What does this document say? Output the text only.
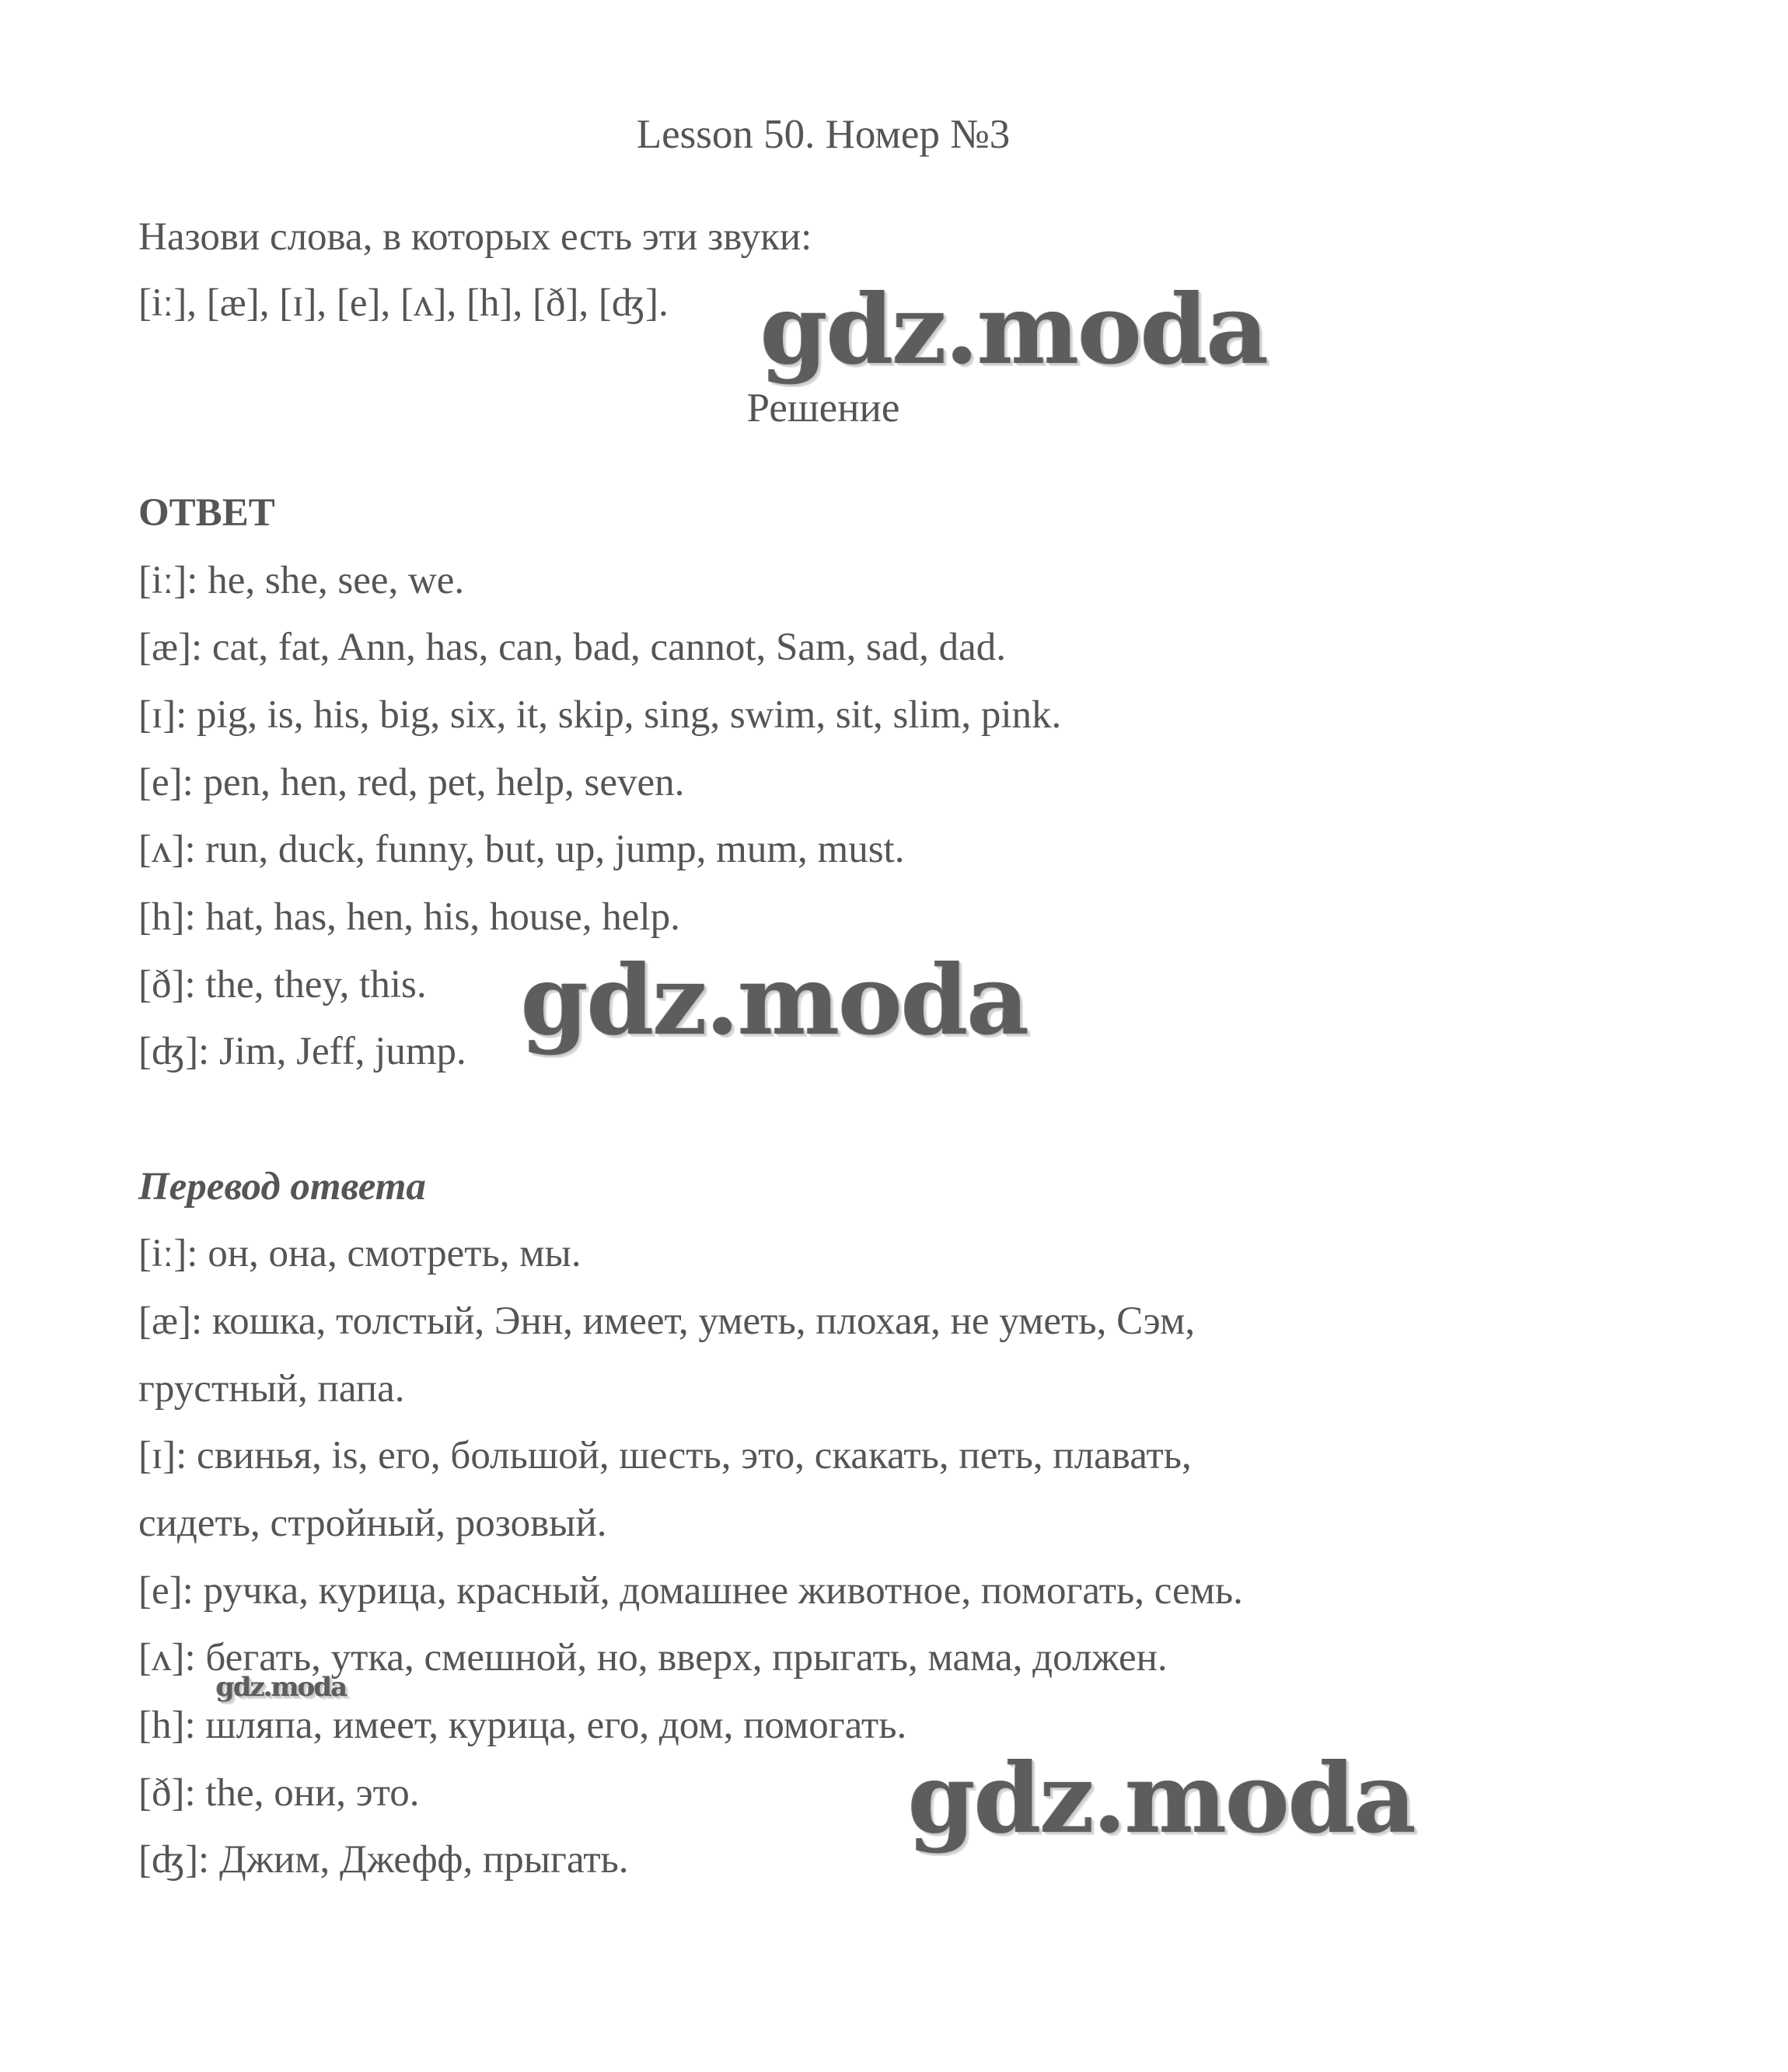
Lesson 50. Номер №3
Назови слова, в которых есть эти звуки:
[iː], [æ], [ɪ], [e], [ʌ], [h], [ð], [ʤ].
Решение
ОТВЕТ
[iː]: he, she, see, we.
[æ]: cat, fat, Ann, has, can, bad, cannot, Sam, sad, dad.
[ɪ]: pig, is, his, big, six, it, skip, sing, swim, sit, slim, pink.
[e]: pen, hen, red, pet, help, seven.
[ʌ]: run, duck, funny, but, up, jump, mum, must.
[h]: hat, has, hen, his, house, help.
[ð]: the, they, this.
[ʤ]: Jim, Jeff, jump.
Перевод ответа
[iː]: он, она, смотреть, мы.
[æ]: кошка, толстый, Энн, имеет, уметь, плохая, не уметь, Сэм,
грустный, папа.
[ɪ]: свинья, is, его, большой, шесть, это, скакать, петь, плавать,
сидеть, стройный, розовый.
[e]: ручка, курица, красный, домашнее животное, помогать, семь.
[ʌ]: бегать, утка, смешной, но, вверх, прыгать, мама, должен.
[h]: шляпа, имеет, курица, его, дом, помогать.
[ð]: the, они, это.
[ʤ]: Джим, Джефф, прыгать.
gdz.moda
gdz.moda
gdz.moda
gdz.moda
